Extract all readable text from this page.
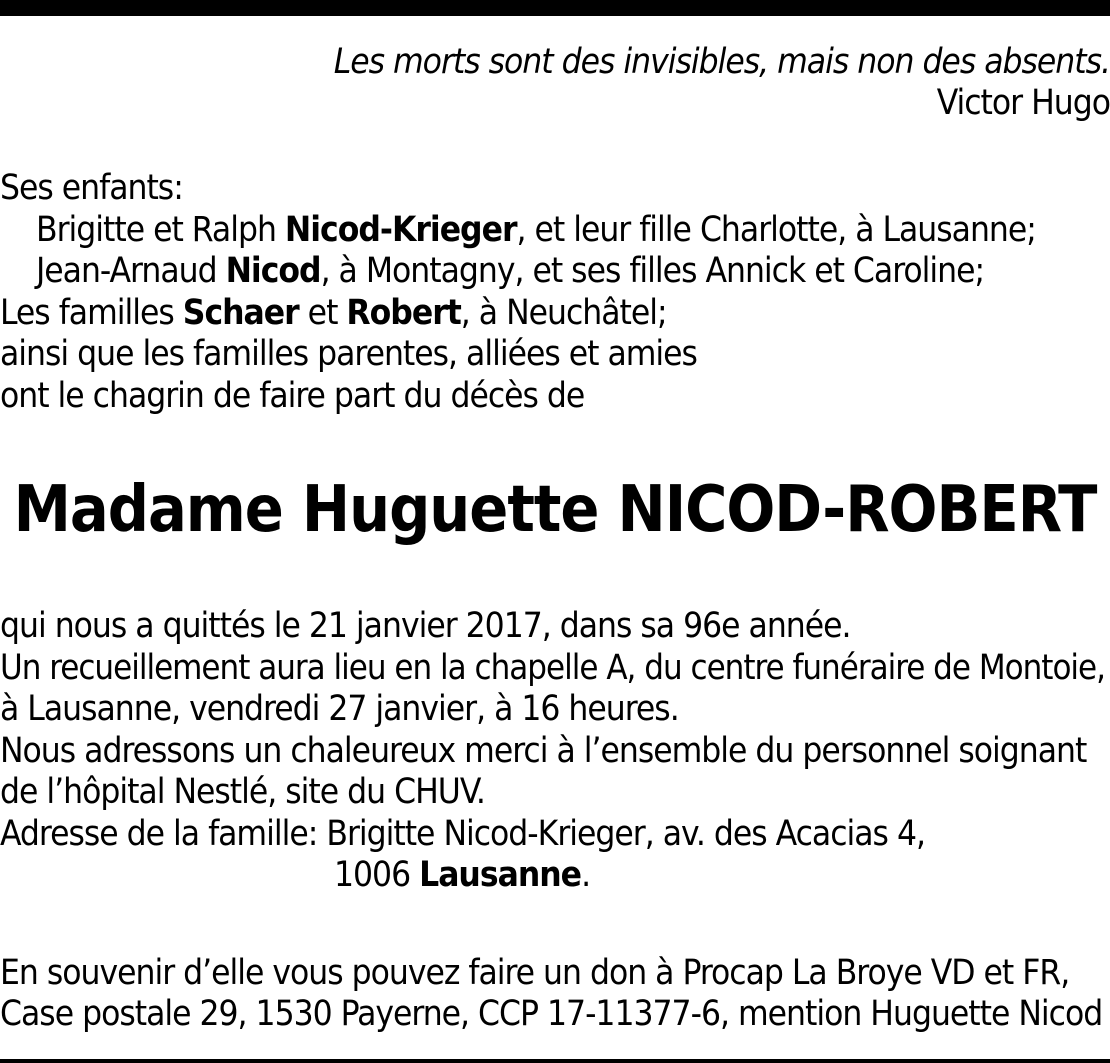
Les morts sont des invisibles, mais non des absents.
Victor Hugo
Ses enfants:
Brigitte et Ralph Nicod-Krieger, et leur fille Charlotte, à Lausanne;
Jean-Arnaud Nicod, à Montagny, et ses filles Annick et Caroline;
Les familles Schaer et Robert, à Neuchâtel;
ainsi que les familles parentes, alliées et amies
ont le chagrin de faire part du décès de
Madame Huguette NICOD-ROBERT
qui nous a quittés le 21 janvier 2017, dans sa 96e année.
Un recueillement aura lieu en la chapelle A, du centre funéraire de Montoie,
à Lausanne, vendredi 27 janvier, à 16 heures.
Nous adressons un chaleureux merci à l’ensemble du personnel soignant
de l’hôpital Nestlé, site du CHUV.
Adresse de la famille: Brigitte Nicod-Krieger, av. des Acacias 4,
1006 Lausanne.
En souvenir d’elle vous pouvez faire un don à Procap La Broye VD et FR,
Case postale 29, 1530 Payerne, CCP 17-11377-6, mention Huguette Nicod
